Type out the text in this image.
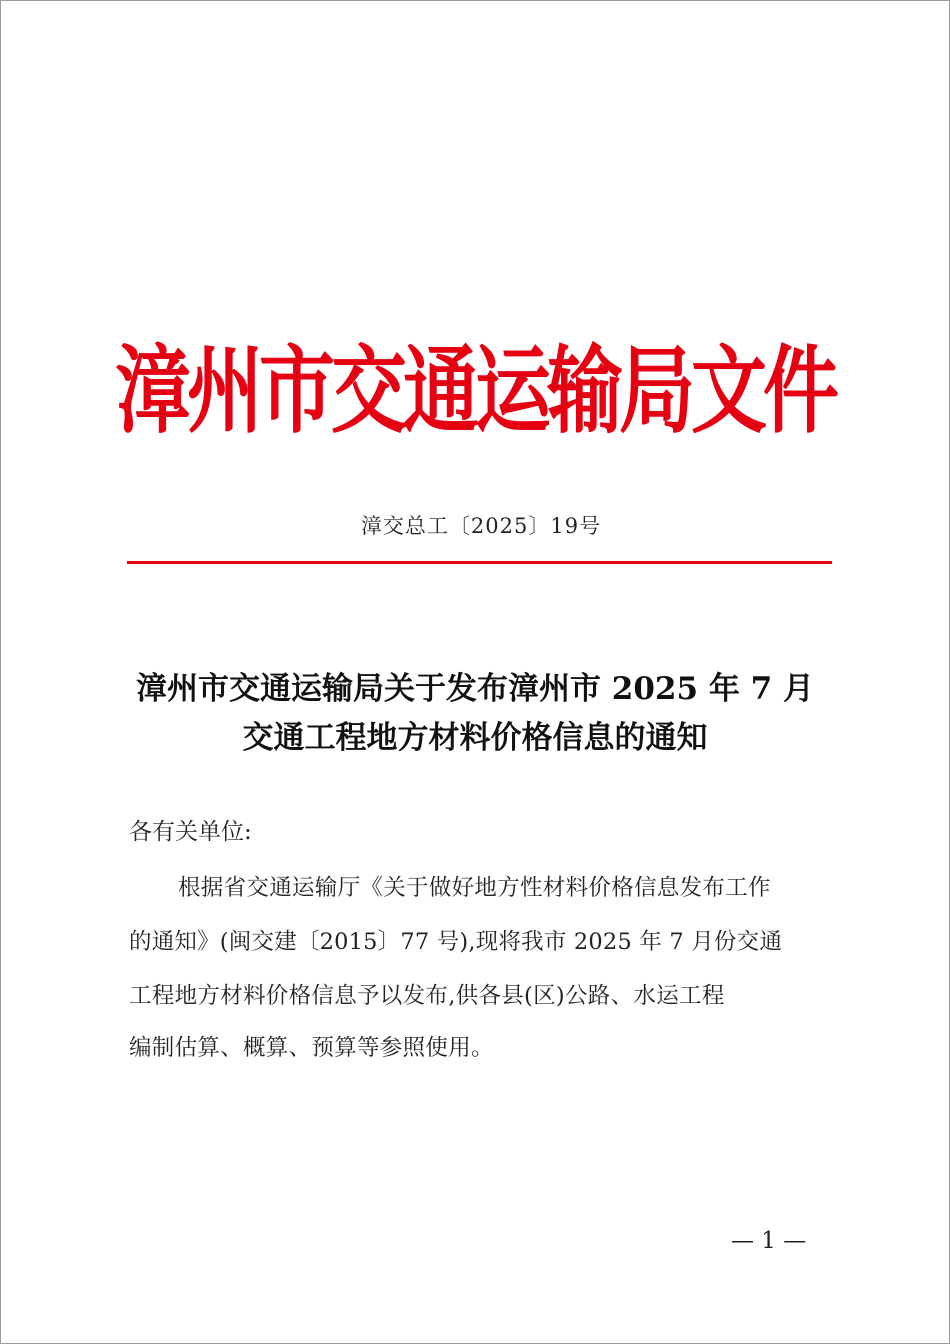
漳州市交通运输局文件
漳交总工〔2025〕19号
漳州市交通运输局关于发布漳州市 2025 年 7 月
交通工程地方材料价格信息的通知
各有关单位:
根据省交通运输厅《关于做好地方性材料价格信息发布工作
的通知》(闽交建〔2015〕77 号),现将我市 2025 年 7 月份交通
工程地方材料价格信息予以发布,供各县(区)公路、水运工程
编制估算、概算、预算等参照使用。
— 1 —
